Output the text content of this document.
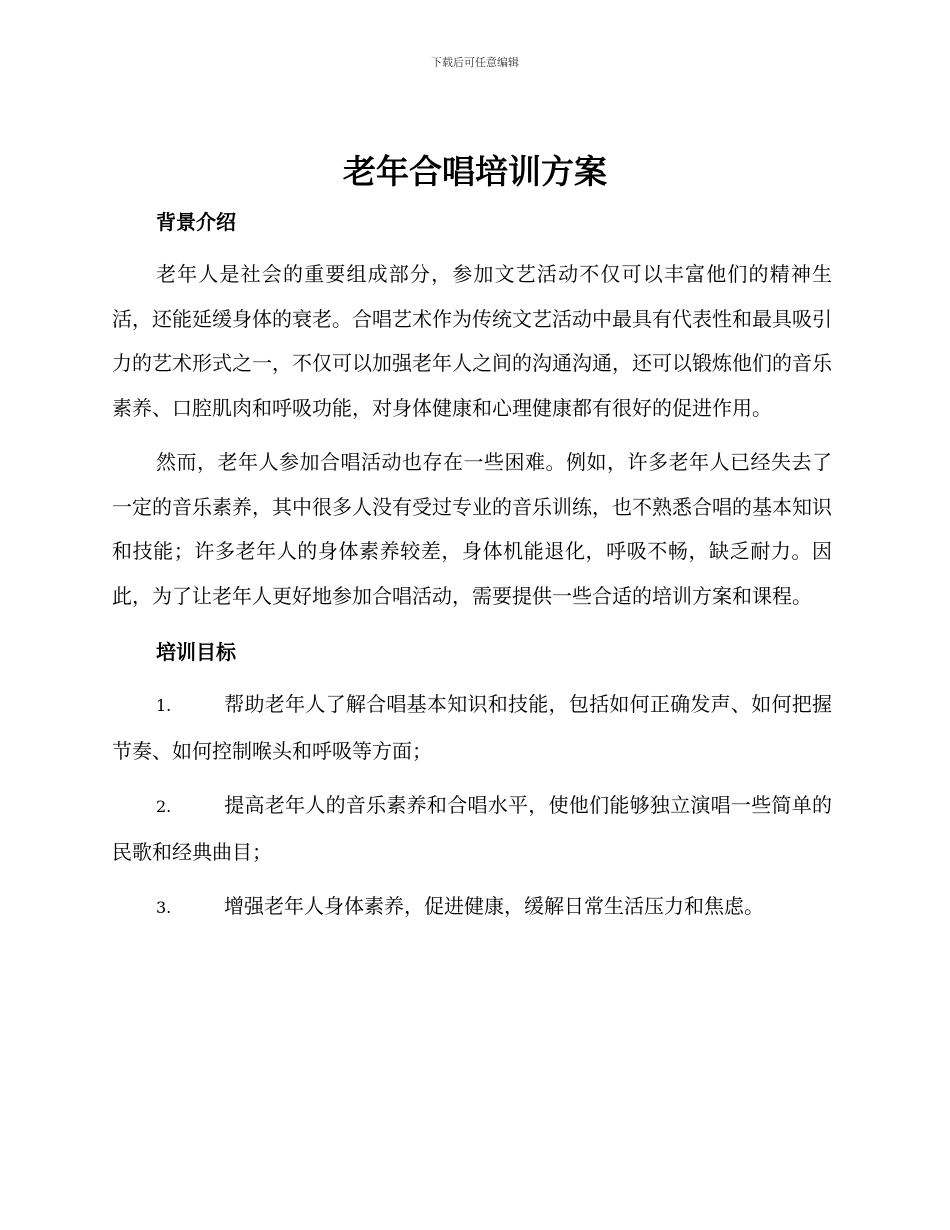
下载后可任意编辑
老年合唱培训方案
背景介绍

老年人是社会的重要组成部分，参加文艺活动不仅可以丰富他们的精神生活，还能延缓身体的衰老。合唱艺术作为传统文艺活动中最具有代表性和最具吸引力的艺术形式之一，不仅可以加强老年人之间的沟通沟通，还可以锻炼他们的音乐素养、口腔肌肉和呼吸功能，对身体健康和心理健康都有很好的促进作用。

然而，老年人参加合唱活动也存在一些困难。例如，许多老年人已经失去了一定的音乐素养，其中很多人没有受过专业的音乐训练，也不熟悉合唱的基本知识和技能；许多老年人的身体素养较差，身体机能退化，呼吸不畅，缺乏耐力。因此，为了让老年人更好地参加合唱活动，需要提供一些合适的培训方案和课程。

培训目标

1.	帮助老年人了解合唱基本知识和技能，包括如何正确发声、如何把握节奏、如何控制喉头和呼吸等方面；

2.	提高老年人的音乐素养和合唱水平，使他们能够独立演唱一些简单的民歌和经典曲目；

3.	增强老年人身体素养，促进健康，缓解日常生活压力和焦虑。
